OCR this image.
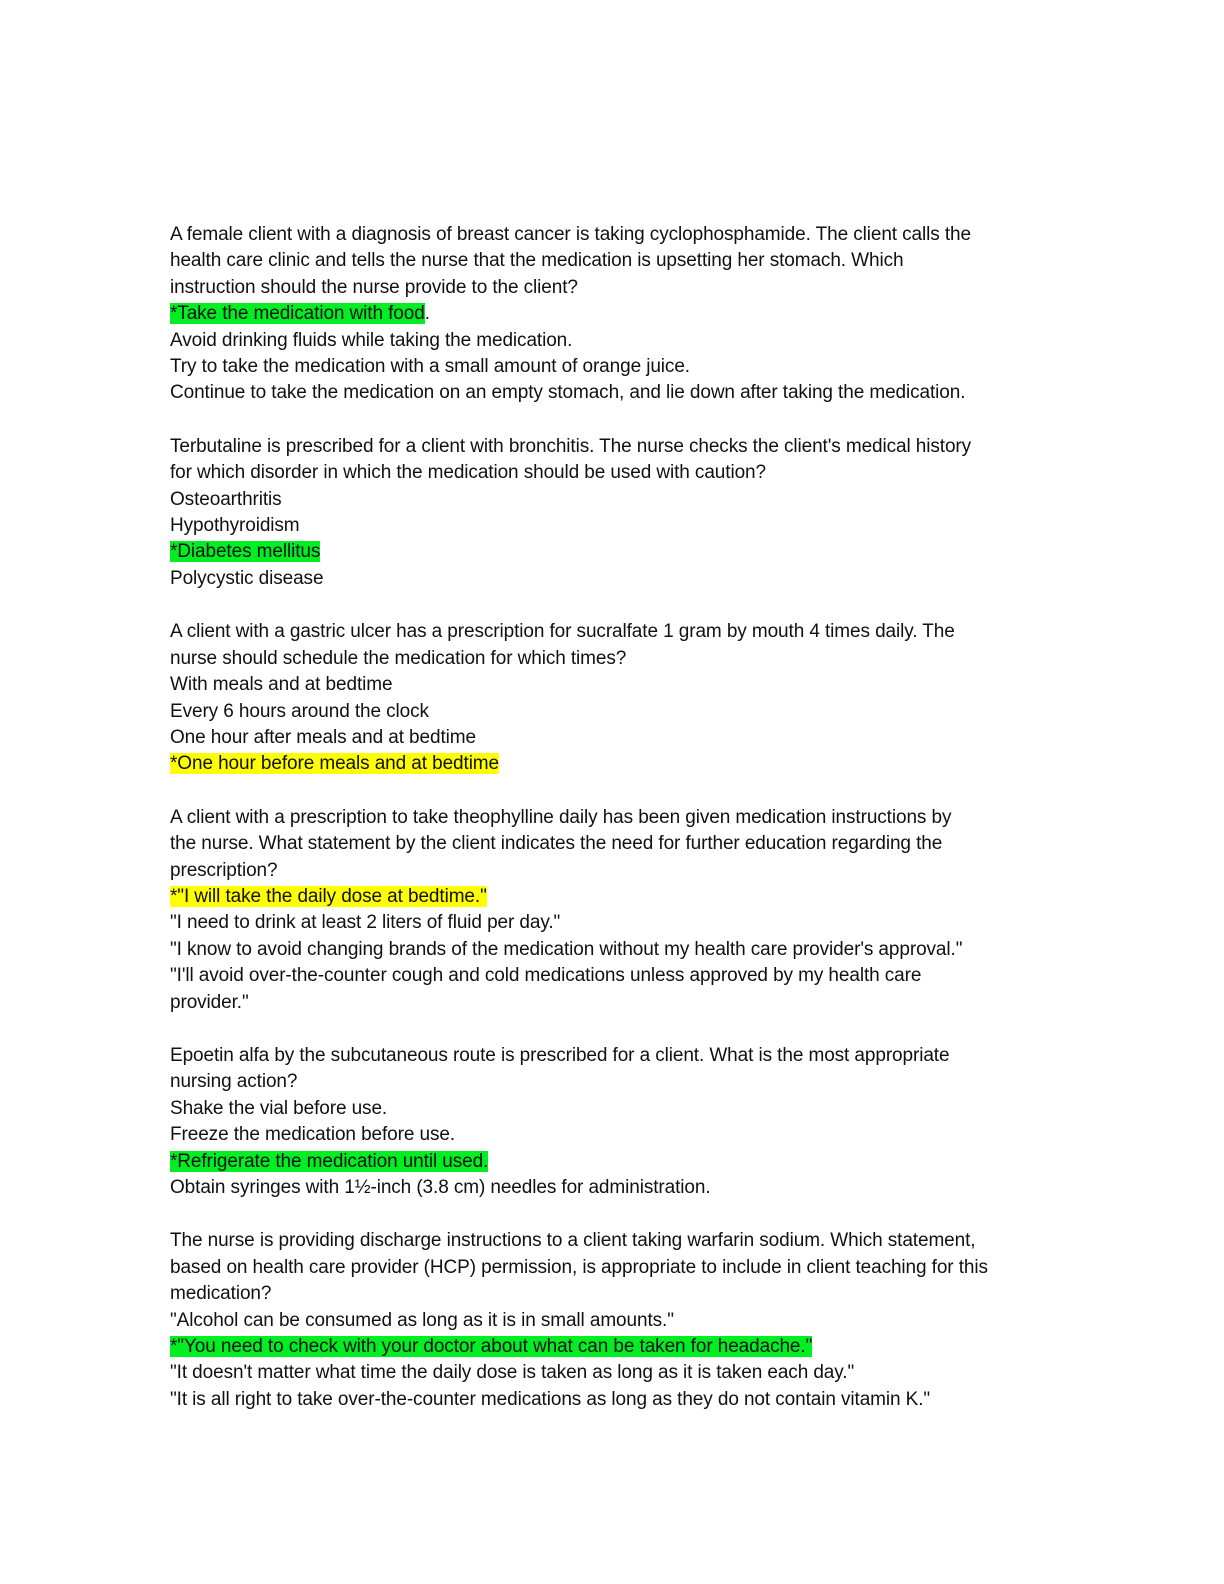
A female client with a diagnosis of breast cancer is taking cyclophosphamide. The client calls the
health care clinic and tells the nurse that the medication is upsetting her stomach. Which
instruction should the nurse provide to the client?
*Take the medication with food.
Avoid drinking fluids while taking the medication.
Try to take the medication with a small amount of orange juice.
Continue to take the medication on an empty stomach, and lie down after taking the medication.
Terbutaline is prescribed for a client with bronchitis. The nurse checks the client's medical history
for which disorder in which the medication should be used with caution?
Osteoarthritis
Hypothyroidism
*Diabetes mellitus
Polycystic disease
A client with a gastric ulcer has a prescription for sucralfate 1 gram by mouth 4 times daily. The
nurse should schedule the medication for which times?
With meals and at bedtime
Every 6 hours around the clock
One hour after meals and at bedtime
*One hour before meals and at bedtime
A client with a prescription to take theophylline daily has been given medication instructions by
the nurse. What statement by the client indicates the need for further education regarding the
prescription?
*"I will take the daily dose at bedtime."
"I need to drink at least 2 liters of fluid per day."
"I know to avoid changing brands of the medication without my health care provider's approval."
"I'll avoid over-the-counter cough and cold medications unless approved by my health care
provider."
Epoetin alfa by the subcutaneous route is prescribed for a client. What is the most appropriate
nursing action?
Shake the vial before use.
Freeze the medication before use.
*Refrigerate the medication until used.
Obtain syringes with 1½-inch (3.8 cm) needles for administration.
The nurse is providing discharge instructions to a client taking warfarin sodium. Which statement,
based on health care provider (HCP) permission, is appropriate to include in client teaching for this
medication?
"Alcohol can be consumed as long as it is in small amounts."
*"You need to check with your doctor about what can be taken for headache."
"It doesn't matter what time the daily dose is taken as long as it is taken each day."
"It is all right to take over-the-counter medications as long as they do not contain vitamin K."
